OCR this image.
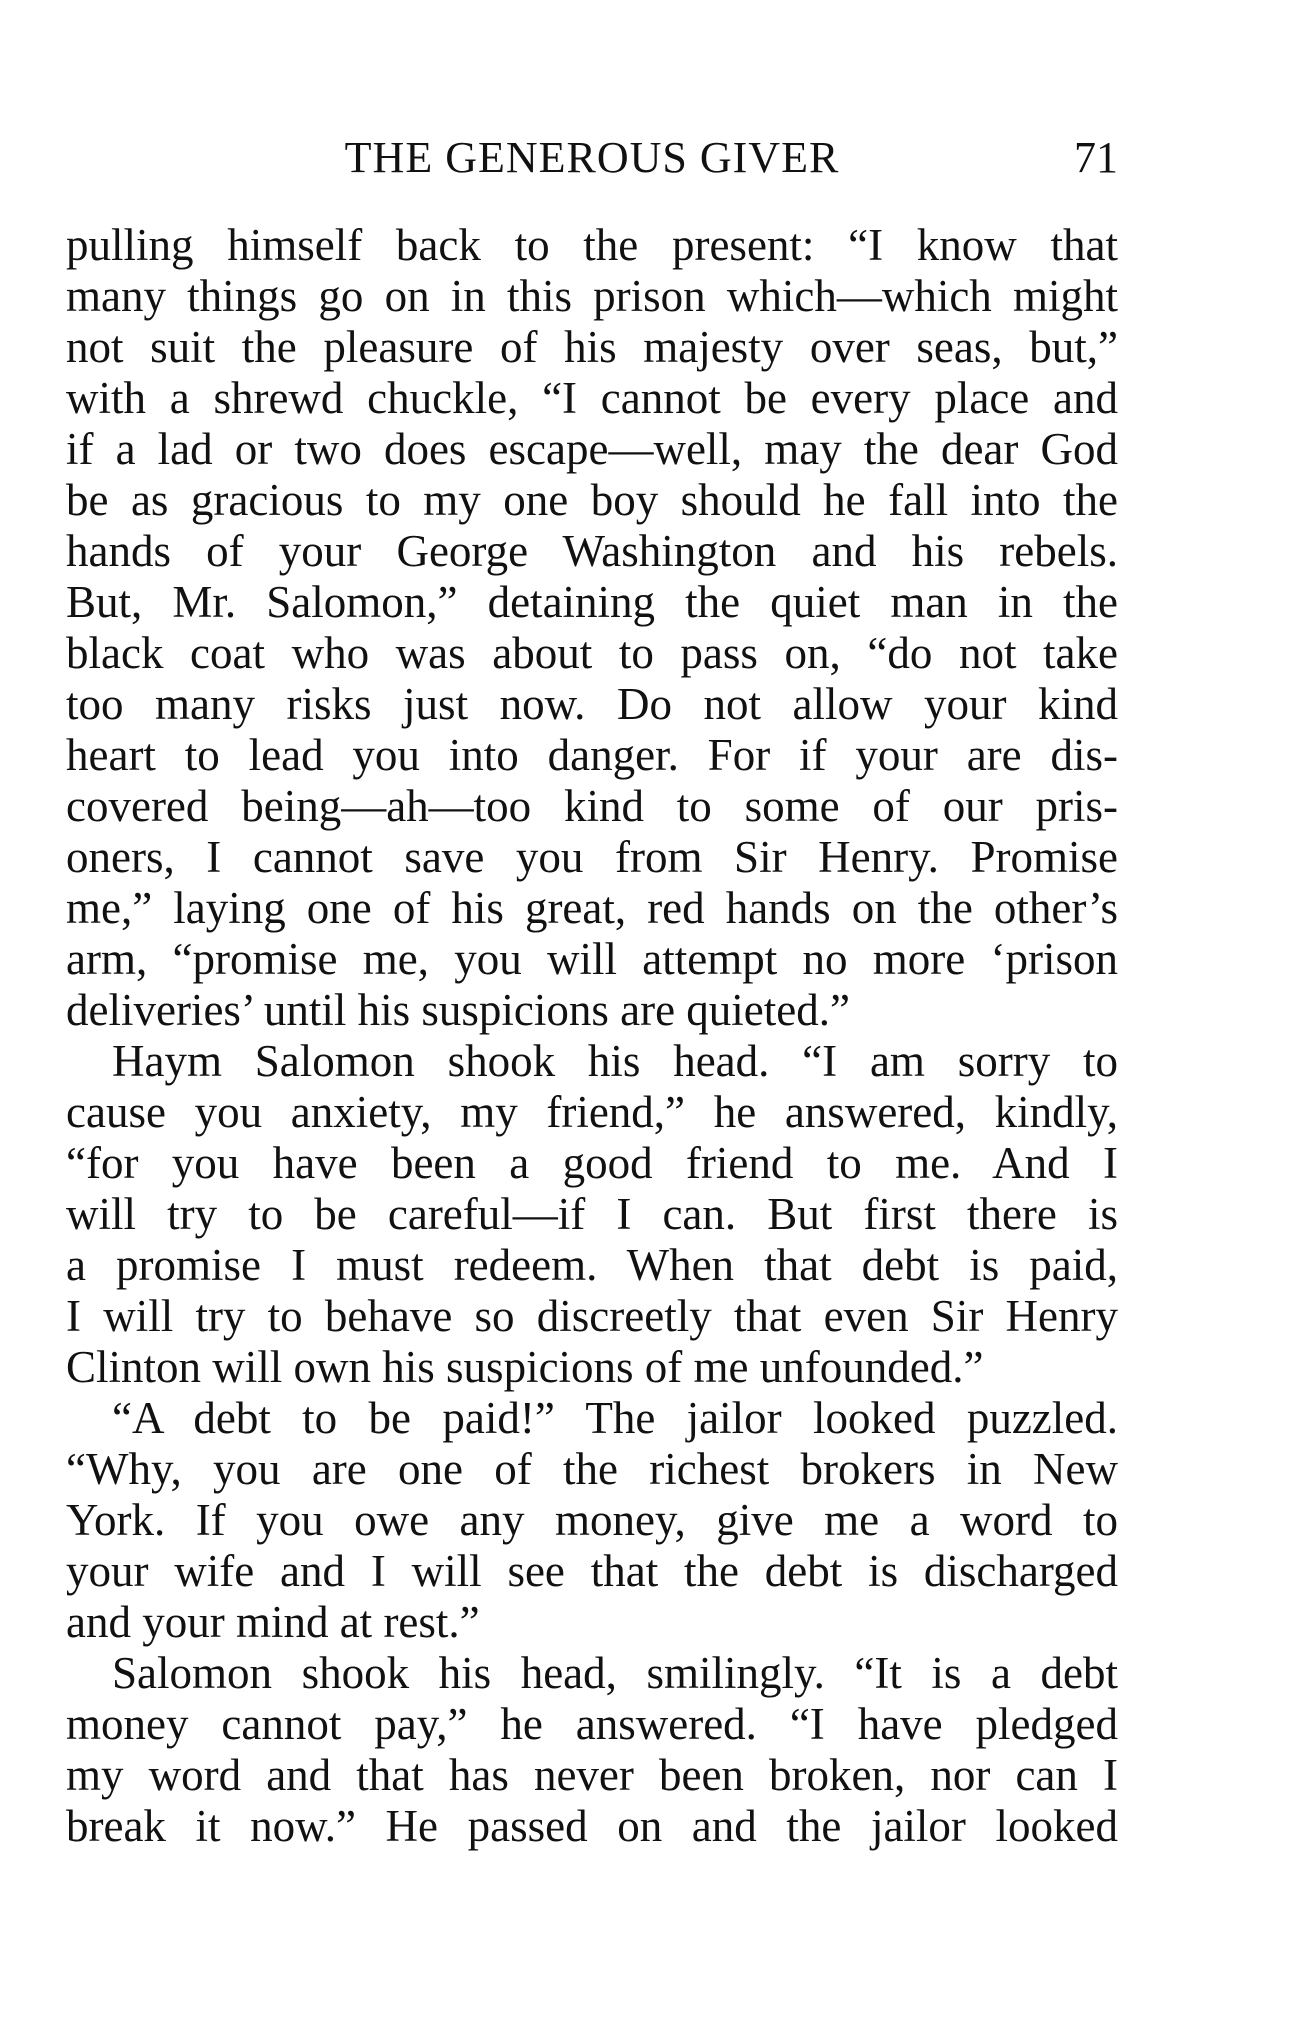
THE GENEROUS GIVER	71
pulling himself back to the present: “I know that
many things go on in this prison which—which might
not suit the pleasure of his majesty over seas, but,”
with a shrewd chuckle, “I cannot be every place and
if a lad or two does escape—well, may the dear God
be as gracious to my one boy should he fall into the
hands of your George Washington and his rebels.
But, Mr. Salomon,” detaining the quiet man in the
black coat who was about to pass on, “do not take
too many risks just now. Do not allow your kind
heart to lead you into danger. For if your are dis-
covered being—ah—too kind to some of our pris-
oners, I cannot save you from Sir Henry. Promise
me,” laying one of his great, red hands on the other’s
arm, “promise me, you will attempt no more ‘prison
deliveries’ until his suspicions are quieted.”
Haym Salomon shook his head. “I am sorry to
cause you anxiety, my friend,” he answered, kindly,
“for you have been a good friend to me. And I
will try to be careful—if I can. But first there is
a promise I must redeem. When that debt is paid,
I will try to behave so discreetly that even Sir Henry
Clinton will own his suspicions of me unfounded.”
“A debt to be paid!” The jailor looked puzzled.
“Why, you are one of the richest brokers in New
York. If you owe any money, give me a word to
your wife and I will see that the debt is discharged
and your mind at rest.”
Salomon shook his head, smilingly. “It is a debt
money cannot pay,” he answered. “I have pledged
my word and that has never been broken, nor can I
break it now.” He passed on and the jailor looked
